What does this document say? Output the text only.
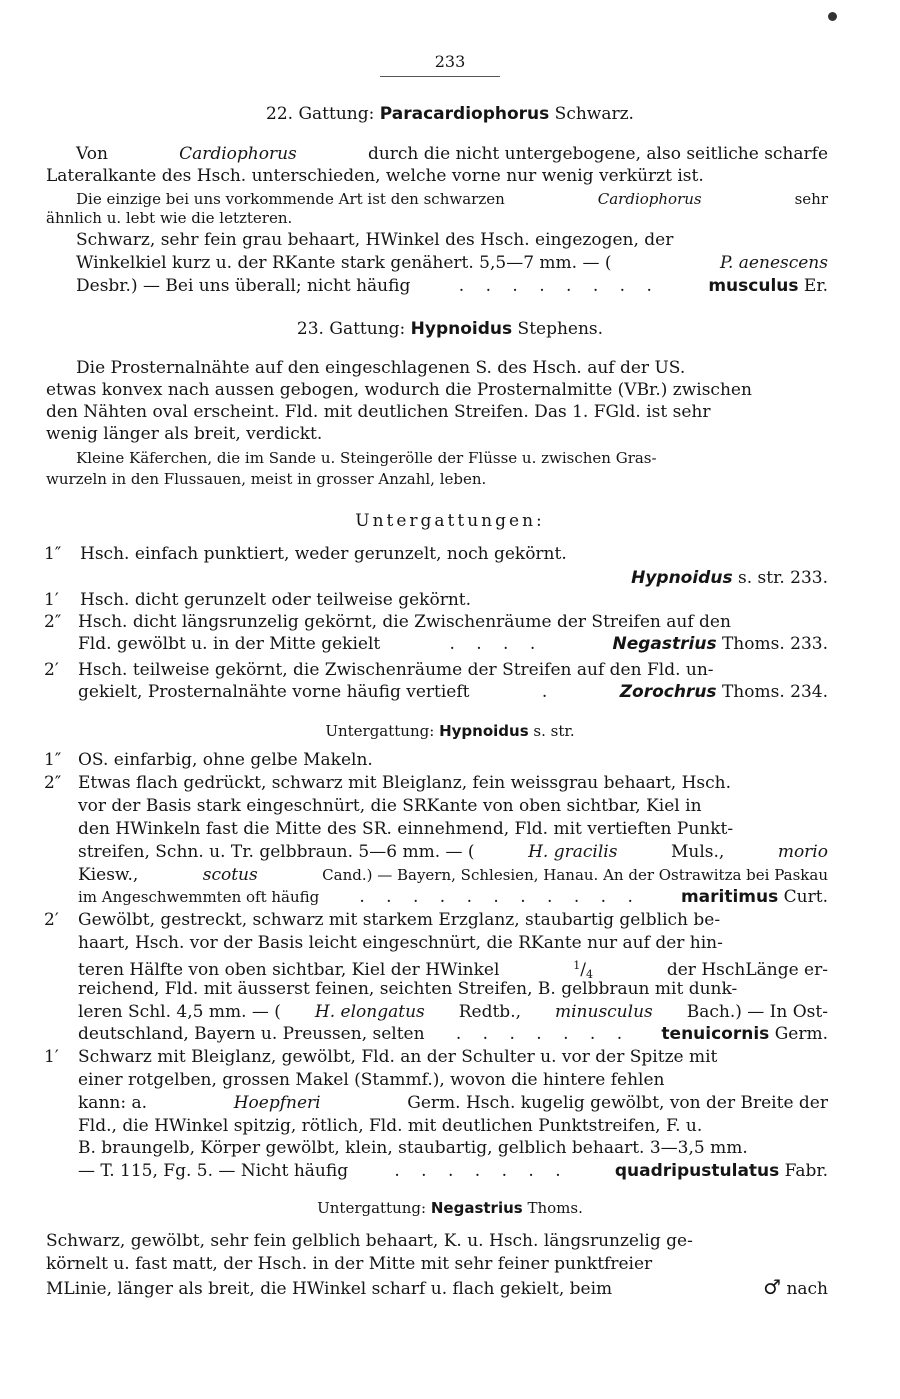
233
22. Gattung: Paracardiophorus Schwarz.
Von	Cardiophorus	durch die nicht untergebogene, also seitliche scharfe
Lateralkante des Hsch. unterschieden, welche vorne nur wenig verkürzt ist.
Die einzige bei uns vorkommende Art ist den schwarzen	Cardiophorus	sehr
ähnlich u. lebt wie die letzteren.
Schwarz, sehr fein grau behaart, HWinkel des Hsch. eingezogen, der
Winkelkiel kurz u. der RKante stark genähert. 5,5—7 mm. — (	P. aenescens
Desbr.) — Bei uns überall; nicht häufig	. . . . . . . .	musculus Er.
23. Gattung: Hypnoidus Stephens.
Die Prosternalnähte auf den eingeschlagenen S. des Hsch. auf der US.
etwas konvex nach aussen gebogen, wodurch die Prosternalmitte (VBr.) zwischen
den Nähten oval erscheint. Fld. mit deutlichen Streifen. Das 1. FGld. ist sehr
wenig länger als breit, verdickt.
Kleine Käferchen, die im Sande u. Steingerölle der Flüsse u. zwischen Gras-
wurzeln in den Flussauen, meist in grosser Anzahl, leben.
Untergattungen:
1″ Hsch. einfach punktiert, weder gerunzelt, noch gekörnt.
Hypnoidus s. str. 233.
1′ Hsch. dicht gerunzelt oder teilweise gekörnt.
2″ Hsch. dicht längsrunzelig gekörnt, die Zwischenräume der Streifen auf den
Fld. gewölbt u. in der Mitte gekielt	. . . .	Negastrius Thoms. 233.
2′ Hsch. teilweise gekörnt, die Zwischenräume der Streifen auf den Fld. un-
gekielt, Prosternalnähte vorne häufig vertieft	.	Zorochrus Thoms. 234.
Untergattung: Hypnoidus s. str.
1″ OS. einfarbig, ohne gelbe Makeln.
2″ Etwas flach gedrückt, schwarz mit Bleiglanz, fein weissgrau behaart, Hsch.
vor der Basis stark eingeschnürt, die SRKante von oben sichtbar, Kiel in
den HWinkeln fast die Mitte des SR. einnehmend, Fld. mit vertieften Punkt-
streifen, Schn. u. Tr. gelbbraun. 5—6 mm. — (	H. gracilis	Muls.,	morio
Kiesw.,	scotus	Cand.) — Bayern, Schlesien, Hanau. An der Ostrawitza bei Paskau
im Angeschwemmten oft häufig . . . . . . . . . . . maritimus Curt.
2′ Gewölbt, gestreckt, schwarz mit starkem Erzglanz, staubartig gelblich be-
haart, Hsch. vor der Basis leicht eingeschnürt, die RKante nur auf der hin-
teren Hälfte von oben sichtbar, Kiel der HWinkel	$^1/_4$	der HschLänge er-
reichend, Fld. mit äusserst feinen, seichten Streifen, B. gelbbraun mit dunk-
leren Schl. 4,5 mm. — ( H. elongatus Redtb., minusculus Bach.) — In Ost-
deutschland, Bayern u. Preussen, selten . . . . . . . tenuicornis Germ.
1′ Schwarz mit Bleiglanz, gewölbt, Fld. an der Schulter u. vor der Spitze mit
einer rotgelben, grossen Makel (Stammf.), wovon die hintere fehlen
kann: a.	Hoepfneri	Germ. Hsch. kugelig gewölbt, von der Breite der
Fld., die HWinkel spitzig, rötlich, Fld. mit deutlichen Punktstreifen, F. u.
B. braungelb, Körper gewölbt, klein, staubartig, gelblich behaart. 3—3,5 mm.
— T. 115, Fg. 5. — Nicht häufig	. . . . . . .	quadripustulatus Fabr.
Untergattung: Negastrius Thoms.
Schwarz, gewölbt, sehr fein gelblich behaart, K. u. Hsch. längsrunzelig ge-
körnelt u. fast matt, der Hsch. in der Mitte mit sehr feiner punktfreier
MLinie, länger als breit, die HWinkel scharf u. flach gekielt, beim	♂ nach
